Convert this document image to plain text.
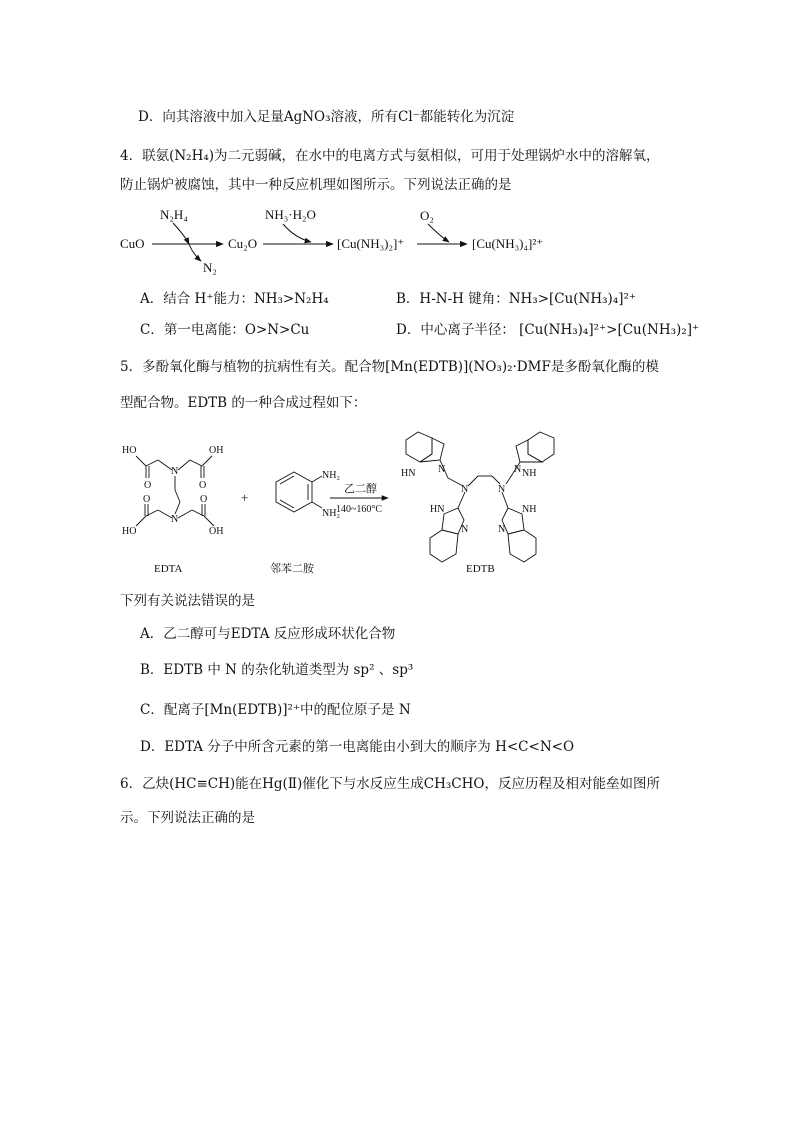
D．向其溶液中加入足量AgNO₃溶液，所有Cl⁻都能转化为沉淀
4．联氨(N₂H₄)为二元弱碱，在水中的电离方式与氨相似，可用于处理锅炉水中的溶解氧，
防止锅炉被腐蚀，其中一种反应机理如图所示。下列说法正确的是
CuO
N₂H₄
N₂
Cu₂O
NH₃·H₂O
[Cu(NH₃)₂]⁺
O₂
[Cu(NH₃)₄]²⁺
A．结合 H⁺能力：NH₃>N₂H₄	B．H-N-H 键角：NH₃>[Cu(NH₃)₄]²⁺
C．第一电离能：O>N>Cu	D．中心离子半径： [Cu(NH₃)₄]²⁺>[Cu(NH₃)₂]⁺
5．多酚氧化酶与植物的抗病性有关。配合物[Mn(EDTB)](NO₃)₂·DMF是多酚氧化酶的模
型配合物。EDTB 的一种合成过程如下：
HO
O
N
OH
O
N
O	O
HO	OH
EDTA
+
NH₂
NH₂
邻苯二胺
乙二醇
140~160°C
HN N	NH
N
N	N
HN
N
NH
N
EDTB
下列有关说法错误的是
A．乙二醇可与EDTA 反应形成环状化合物
B．EDTB 中 N 的杂化轨道类型为 sp² 、sp³
C．配离子[Mn(EDTB)]²⁺中的配位原子是 N
D．EDTA 分子中所含元素的第一电离能由小到大的顺序为 H<C<N<O
6．乙炔(HC≡CH)能在Hg(Ⅱ)催化下与水反应生成CH₃CHO，反应历程及相对能垒如图所
示。下列说法正确的是
